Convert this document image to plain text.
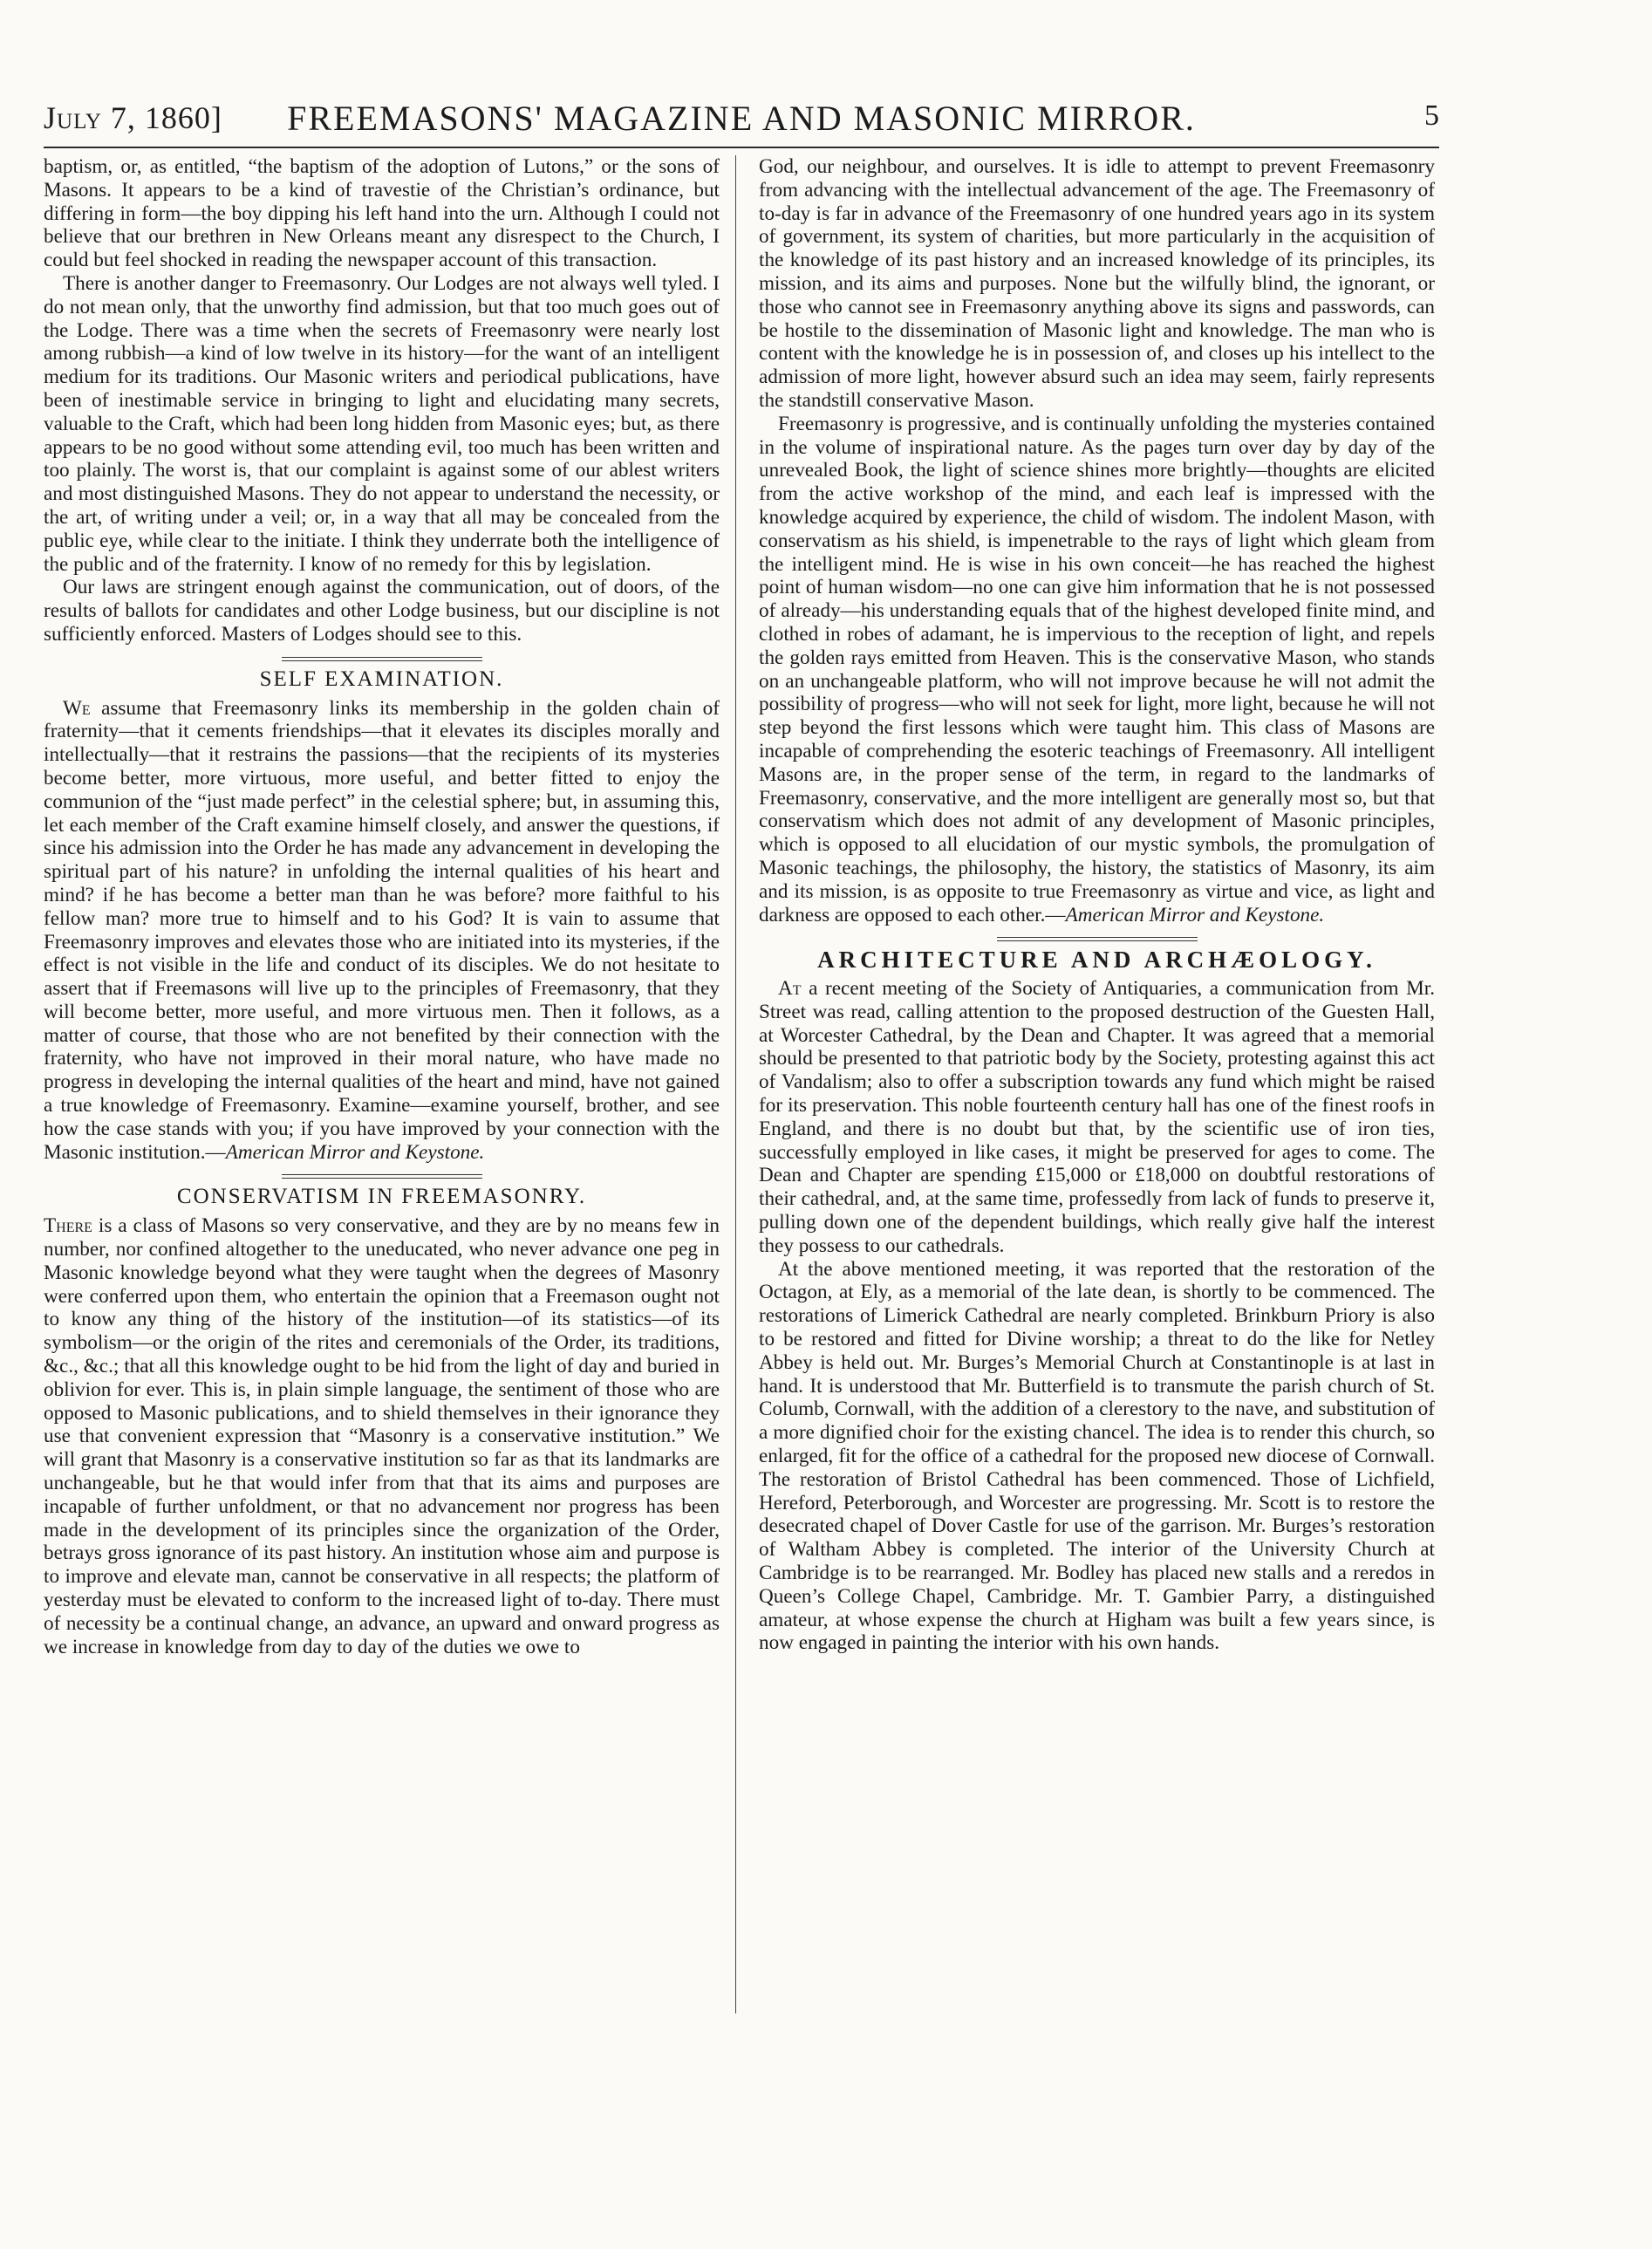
July 7, 1860]	FREEMASONS' MAGAZINE AND MASONIC MIRROR.	5

baptism, or, as entitled, “the baptism of the adoption of Lutons,” or the sons of Masons. It appears to be a kind of travestie of the Christian’s ordinance, but differing in form—the boy dipping his left hand into the urn. Although I could not believe that our brethren in New Orleans meant any disrespect to the Church, I could but feel shocked in reading the newspaper account of this transaction.

There is another danger to Freemasonry. Our Lodges are not always well tyled. I do not mean only, that the unworthy find admission, but that too much goes out of the Lodge. There was a time when the secrets of Freemasonry were nearly lost among rubbish—a kind of low twelve in its history—for the want of an intelligent medium for its traditions. Our Masonic writers and periodical publications, have been of inestimable service in bringing to light and elucidating many secrets, valuable to the Craft, which had been long hidden from Masonic eyes; but, as there appears to be no good without some attending evil, too much has been written and too plainly. The worst is, that our complaint is against some of our ablest writers and most distinguished Masons. They do not appear to understand the necessity, or the art, of writing under a veil; or, in a way that all may be concealed from the public eye, while clear to the initiate. I think they underrate both the intelligence of the public and of the fraternity. I know of no remedy for this by legislation.

Our laws are stringent enough against the communication, out of doors, of the results of ballots for candidates and other Lodge business, but our discipline is not sufficiently enforced. Masters of Lodges should see to this.

SELF EXAMINATION.

We assume that Freemasonry links its membership in the golden chain of fraternity—that it cements friendships—that it elevates its disciples morally and intellectually—that it restrains the passions—that the recipients of its mysteries become better, more virtuous, more useful, and better fitted to enjoy the communion of the “just made perfect” in the celestial sphere; but, in assuming this, let each member of the Craft examine himself closely, and answer the questions, if since his admission into the Order he has made any advancement in developing the spiritual part of his nature? in unfolding the internal qualities of his heart and mind? if he has become a better man than he was before? more faithful to his fellow man? more true to himself and to his God? It is vain to assume that Freemasonry improves and elevates those who are initiated into its mysteries, if the effect is not visible in the life and conduct of its disciples. We do not hesitate to assert that if Freemasons will live up to the principles of Freemasonry, that they will become better, more useful, and more virtuous men. Then it follows, as a matter of course, that those who are not benefited by their connection with the fraternity, who have not improved in their moral nature, who have made no progress in developing the internal qualities of the heart and mind, have not gained a true knowledge of Freemasonry. Examine—examine yourself, brother, and see how the case stands with you; if you have improved by your connection with the Masonic institution.—American Mirror and Keystone.

CONSERVATISM IN FREEMASONRY.

There is a class of Masons so very conservative, and they are by no means few in number, nor confined altogether to the uneducated, who never advance one peg in Masonic knowledge beyond what they were taught when the degrees of Masonry were conferred upon them, who entertain the opinion that a Freemason ought not to know any thing of the history of the institution—of its statistics—of its symbolism—or the origin of the rites and ceremonials of the Order, its traditions, &c., &c.; that all this knowledge ought to be hid from the light of day and buried in oblivion for ever. This is, in plain simple language, the sentiment of those who are opposed to Masonic publications, and to shield themselves in their ignorance they use that convenient expression that “Masonry is a conservative institution.” We will grant that Masonry is a conservative institution so far as that its landmarks are unchangeable, but he that would infer from that that its aims and purposes are incapable of further unfoldment, or that no advancement nor progress has been made in the development of its principles since the organization of the Order, betrays gross ignorance of its past history. An institution whose aim and purpose is to improve and elevate man, cannot be conservative in all respects; the platform of yesterday must be elevated to conform to the increased light of to-day. There must of necessity be a continual change, an advance, an upward and onward progress as we increase in knowledge from day to day of the duties we owe to

God, our neighbour, and ourselves. It is idle to attempt to prevent Freemasonry from advancing with the intellectual advancement of the age. The Freemasonry of to-day is far in advance of the Freemasonry of one hundred years ago in its system of government, its system of charities, but more particularly in the acquisition of the knowledge of its past history and an increased knowledge of its principles, its mission, and its aims and purposes. None but the wilfully blind, the ignorant, or those who cannot see in Freemasonry anything above its signs and passwords, can be hostile to the dissemination of Masonic light and knowledge. The man who is content with the knowledge he is in possession of, and closes up his intellect to the admission of more light, however absurd such an idea may seem, fairly represents the standstill conservative Mason.

Freemasonry is progressive, and is continually unfolding the mysteries contained in the volume of inspirational nature. As the pages turn over day by day of the unrevealed Book, the light of science shines more brightly—thoughts are elicited from the active workshop of the mind, and each leaf is impressed with the knowledge acquired by experience, the child of wisdom. The indolent Mason, with conservatism as his shield, is impenetrable to the rays of light which gleam from the intelligent mind. He is wise in his own conceit—he has reached the highest point of human wisdom—no one can give him information that he is not possessed of already—his understanding equals that of the highest developed finite mind, and clothed in robes of adamant, he is impervious to the reception of light, and repels the golden rays emitted from Heaven. This is the conservative Mason, who stands on an unchangeable platform, who will not improve because he will not admit the possibility of progress—who will not seek for light, more light, because he will not step beyond the first lessons which were taught him. This class of Masons are incapable of comprehending the esoteric teachings of Freemasonry. All intelligent Masons are, in the proper sense of the term, in regard to the landmarks of Freemasonry, conservative, and the more intelligent are generally most so, but that conservatism which does not admit of any development of Masonic principles, which is opposed to all elucidation of our mystic symbols, the promulgation of Masonic teachings, the philosophy, the history, the statistics of Masonry, its aim and its mission, is as opposite to true Freemasonry as virtue and vice, as light and darkness are opposed to each other.—American Mirror and Keystone.

ARCHITECTURE AND ARCHÆOLOGY.

At a recent meeting of the Society of Antiquaries, a communication from Mr. Street was read, calling attention to the proposed destruction of the Guesten Hall, at Worcester Cathedral, by the Dean and Chapter. It was agreed that a memorial should be presented to that patriotic body by the Society, protesting against this act of Vandalism; also to offer a subscription towards any fund which might be raised for its preservation. This noble fourteenth century hall has one of the finest roofs in England, and there is no doubt but that, by the scientific use of iron ties, successfully employed in like cases, it might be preserved for ages to come. The Dean and Chapter are spending £15,000 or £18,000 on doubtful restorations of their cathedral, and, at the same time, professedly from lack of funds to preserve it, pulling down one of the dependent buildings, which really give half the interest they possess to our cathedrals.

At the above mentioned meeting, it was reported that the restoration of the Octagon, at Ely, as a memorial of the late dean, is shortly to be commenced. The restorations of Limerick Cathedral are nearly completed. Brinkburn Priory is also to be restored and fitted for Divine worship; a threat to do the like for Netley Abbey is held out. Mr. Burges’s Memorial Church at Constantinople is at last in hand. It is understood that Mr. Butterfield is to transmute the parish church of St. Columb, Cornwall, with the addition of a clerestory to the nave, and substitution of a more dignified choir for the existing chancel. The idea is to render this church, so enlarged, fit for the office of a cathedral for the proposed new diocese of Cornwall. The restoration of Bristol Cathedral has been commenced. Those of Lichfield, Hereford, Peterborough, and Worcester are progressing. Mr. Scott is to restore the desecrated chapel of Dover Castle for use of the garrison. Mr. Burges’s restoration of Waltham Abbey is completed. The interior of the University Church at Cambridge is to be rearranged. Mr. Bodley has placed new stalls and a reredos in Queen’s College Chapel, Cambridge. Mr. T. Gambier Parry, a distinguished amateur, at whose expense the church at Higham was built a few years since, is now engaged in painting the interior with his own hands.
